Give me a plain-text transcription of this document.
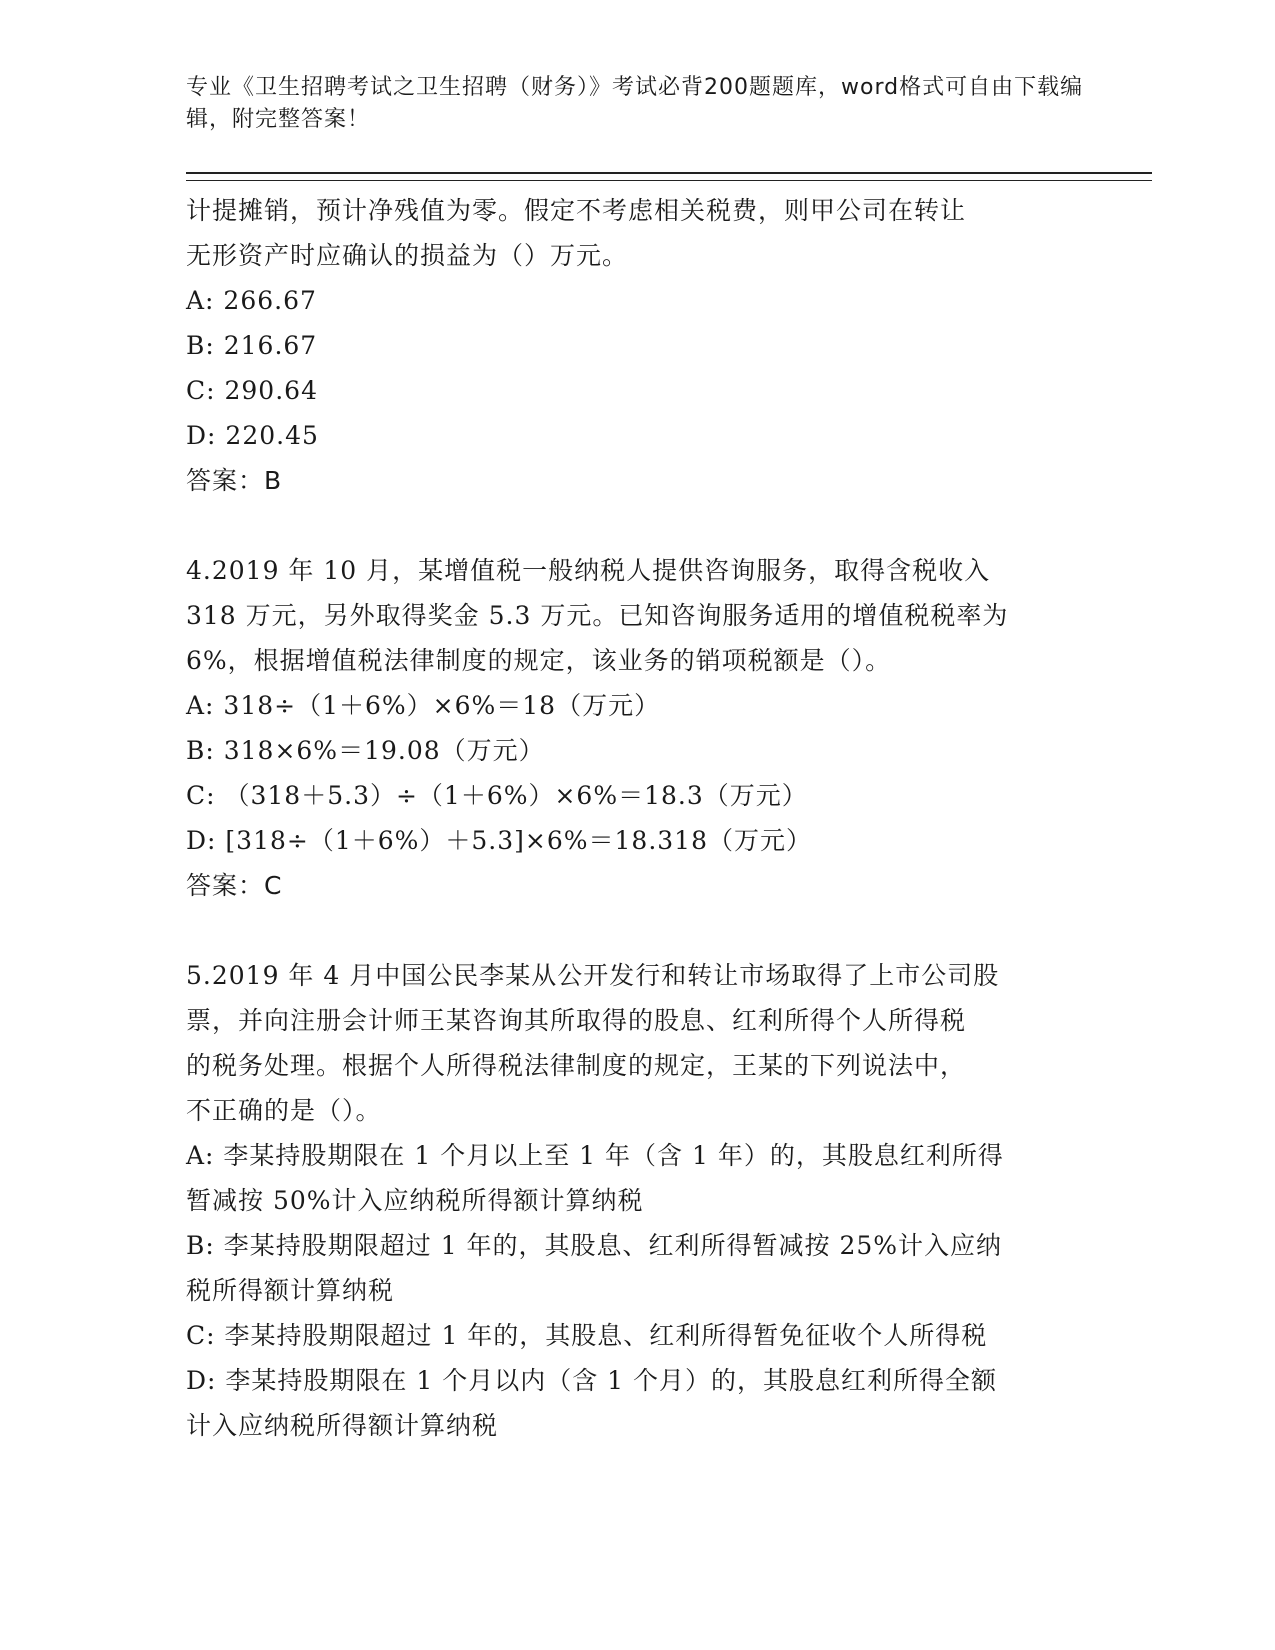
专业《卫生招聘考试之卫生招聘（财务）》考试必背200题题库，word格式可自由下载编辑，附完整答案！

计提摊销，预计净残值为零。假定不考虑相关税费，则甲公司在转让

无形资产时应确认的损益为（）万元。

A: 266.67

B: 216.67

C: 290.64

D: 220.45

答案：B

4.2019 年 10 月，某增值税一般纳税人提供咨询服务，取得含税收入

318 万元，另外取得奖金 5.3 万元。已知咨询服务适用的增值税税率为

6%，根据增值税法律制度的规定，该业务的销项税额是（）。

A: 318÷（1＋6%）×6%＝18（万元）

B: 318×6%＝19.08（万元）

C: （318＋5.3）÷（1＋6%）×6%＝18.3（万元）

D: [318÷（1＋6%）＋5.3]×6%＝18.318（万元）

答案：C

5.2019 年 4 月中国公民李某从公开发行和转让市场取得了上市公司股

票，并向注册会计师王某咨询其所取得的股息、红利所得个人所得税

的税务处理。根据个人所得税法律制度的规定，王某的下列说法中，

不正确的是（）。

A: 李某持股期限在 1 个月以上至 1 年（含 1 年）的，其股息红利所得

暂减按 50%计入应纳税所得额计算纳税

B: 李某持股期限超过 1 年的，其股息、红利所得暂减按 25%计入应纳

税所得额计算纳税

C: 李某持股期限超过 1 年的，其股息、红利所得暂免征收个人所得税

D: 李某持股期限在 1 个月以内（含 1 个月）的，其股息红利所得全额

计入应纳税所得额计算纳税
